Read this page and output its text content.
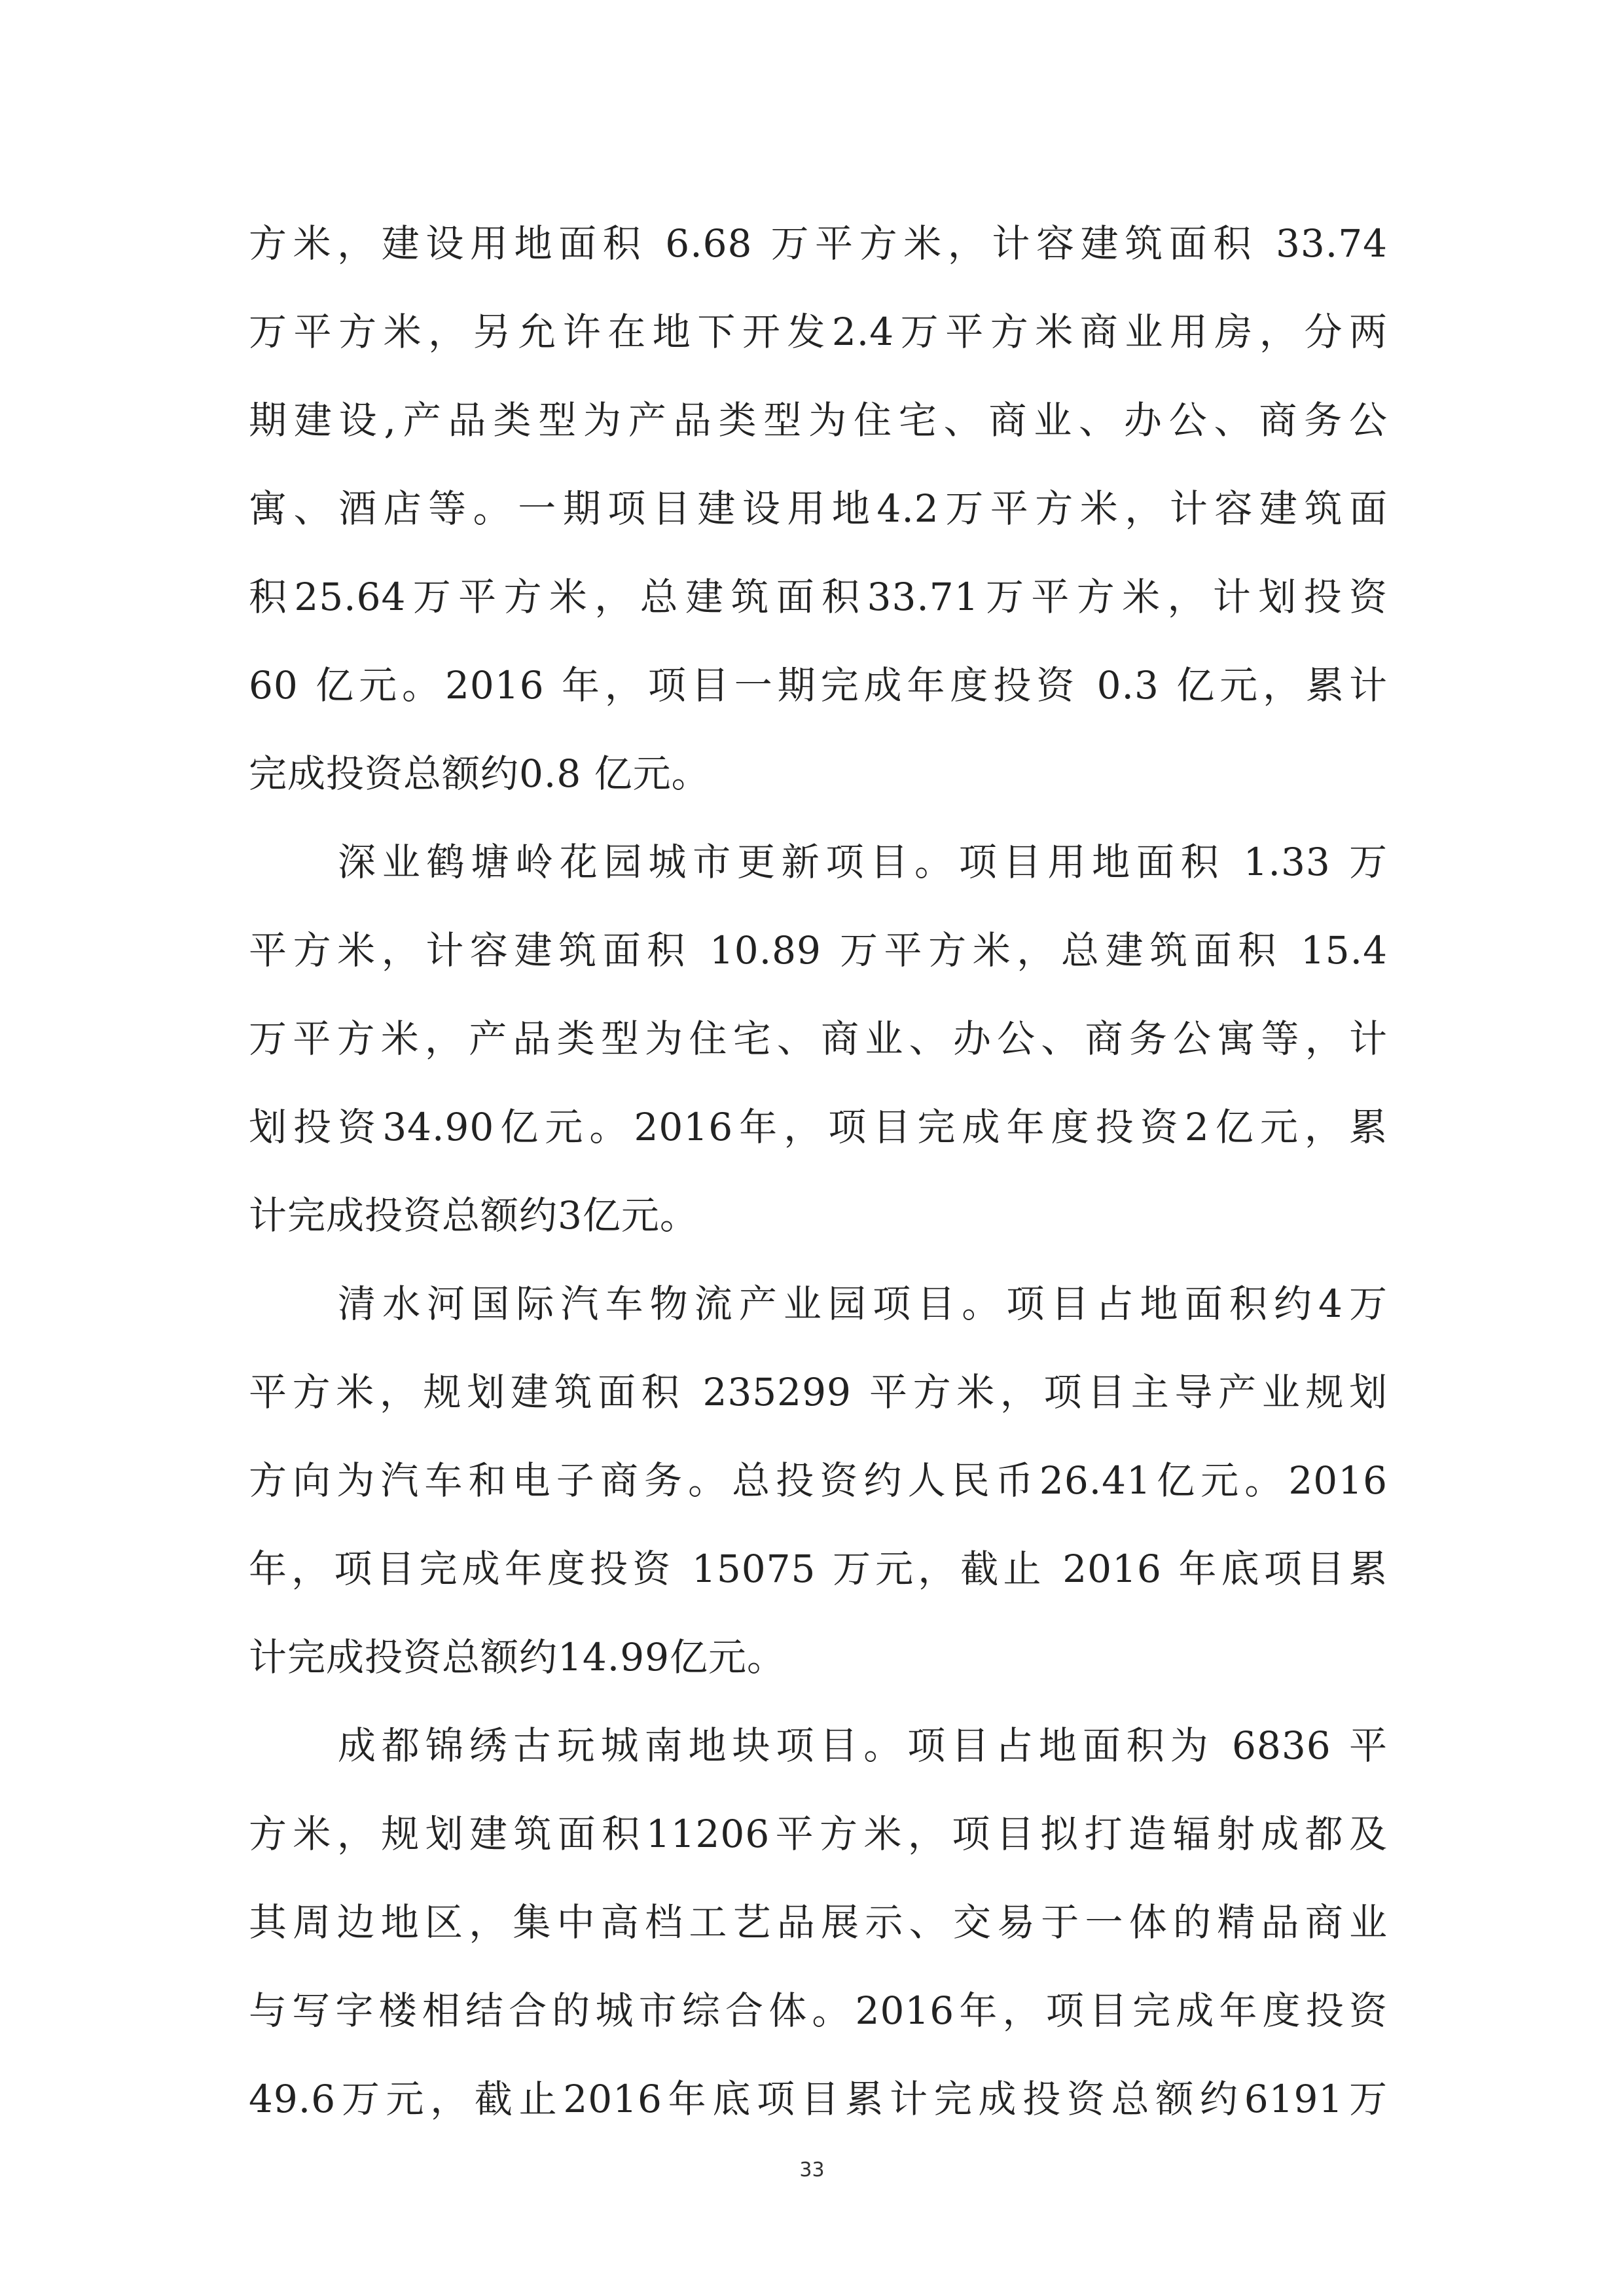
方米，建设用地面积 6.68 万平方米，计容建筑面积 33.74
万平方米，另允许在地下开发2.4万平方米商业用房，分两
期建设,产品类型为产品类型为住宅、商业、办公、商务公
寓、酒店等。一期项目建设用地4.2万平方米，计容建筑面
积25.64万平方米，总建筑面积33.71万平方米，计划投资
60 亿元。2016 年，项目一期完成年度投资 0.3 亿元，累计
完成投资总额约0.8 亿元。
深业鹤塘岭花园城市更新项目。项目用地面积 1.33 万
平方米，计容建筑面积 10.89 万平方米，总建筑面积 15.4
万平方米，产品类型为住宅、商业、办公、商务公寓等，计
划投资34.90亿元。2016年，项目完成年度投资2亿元，累
计完成投资总额约3亿元。
清水河国际汽车物流产业园项目。项目占地面积约4万
平方米，规划建筑面积 235299 平方米，项目主导产业规划
方向为汽车和电子商务。总投资约人民币26.41亿元。2016
年，项目完成年度投资 15075 万元，截止 2016 年底项目累
计完成投资总额约14.99亿元。
成都锦绣古玩城南地块项目。项目占地面积为 6836 平
方米，规划建筑面积11206平方米，项目拟打造辐射成都及
其周边地区，集中高档工艺品展示、交易于一体的精品商业
与写字楼相结合的城市综合体。2016年，项目完成年度投资
49.6万元，截止2016年底项目累计完成投资总额约6191万
33
